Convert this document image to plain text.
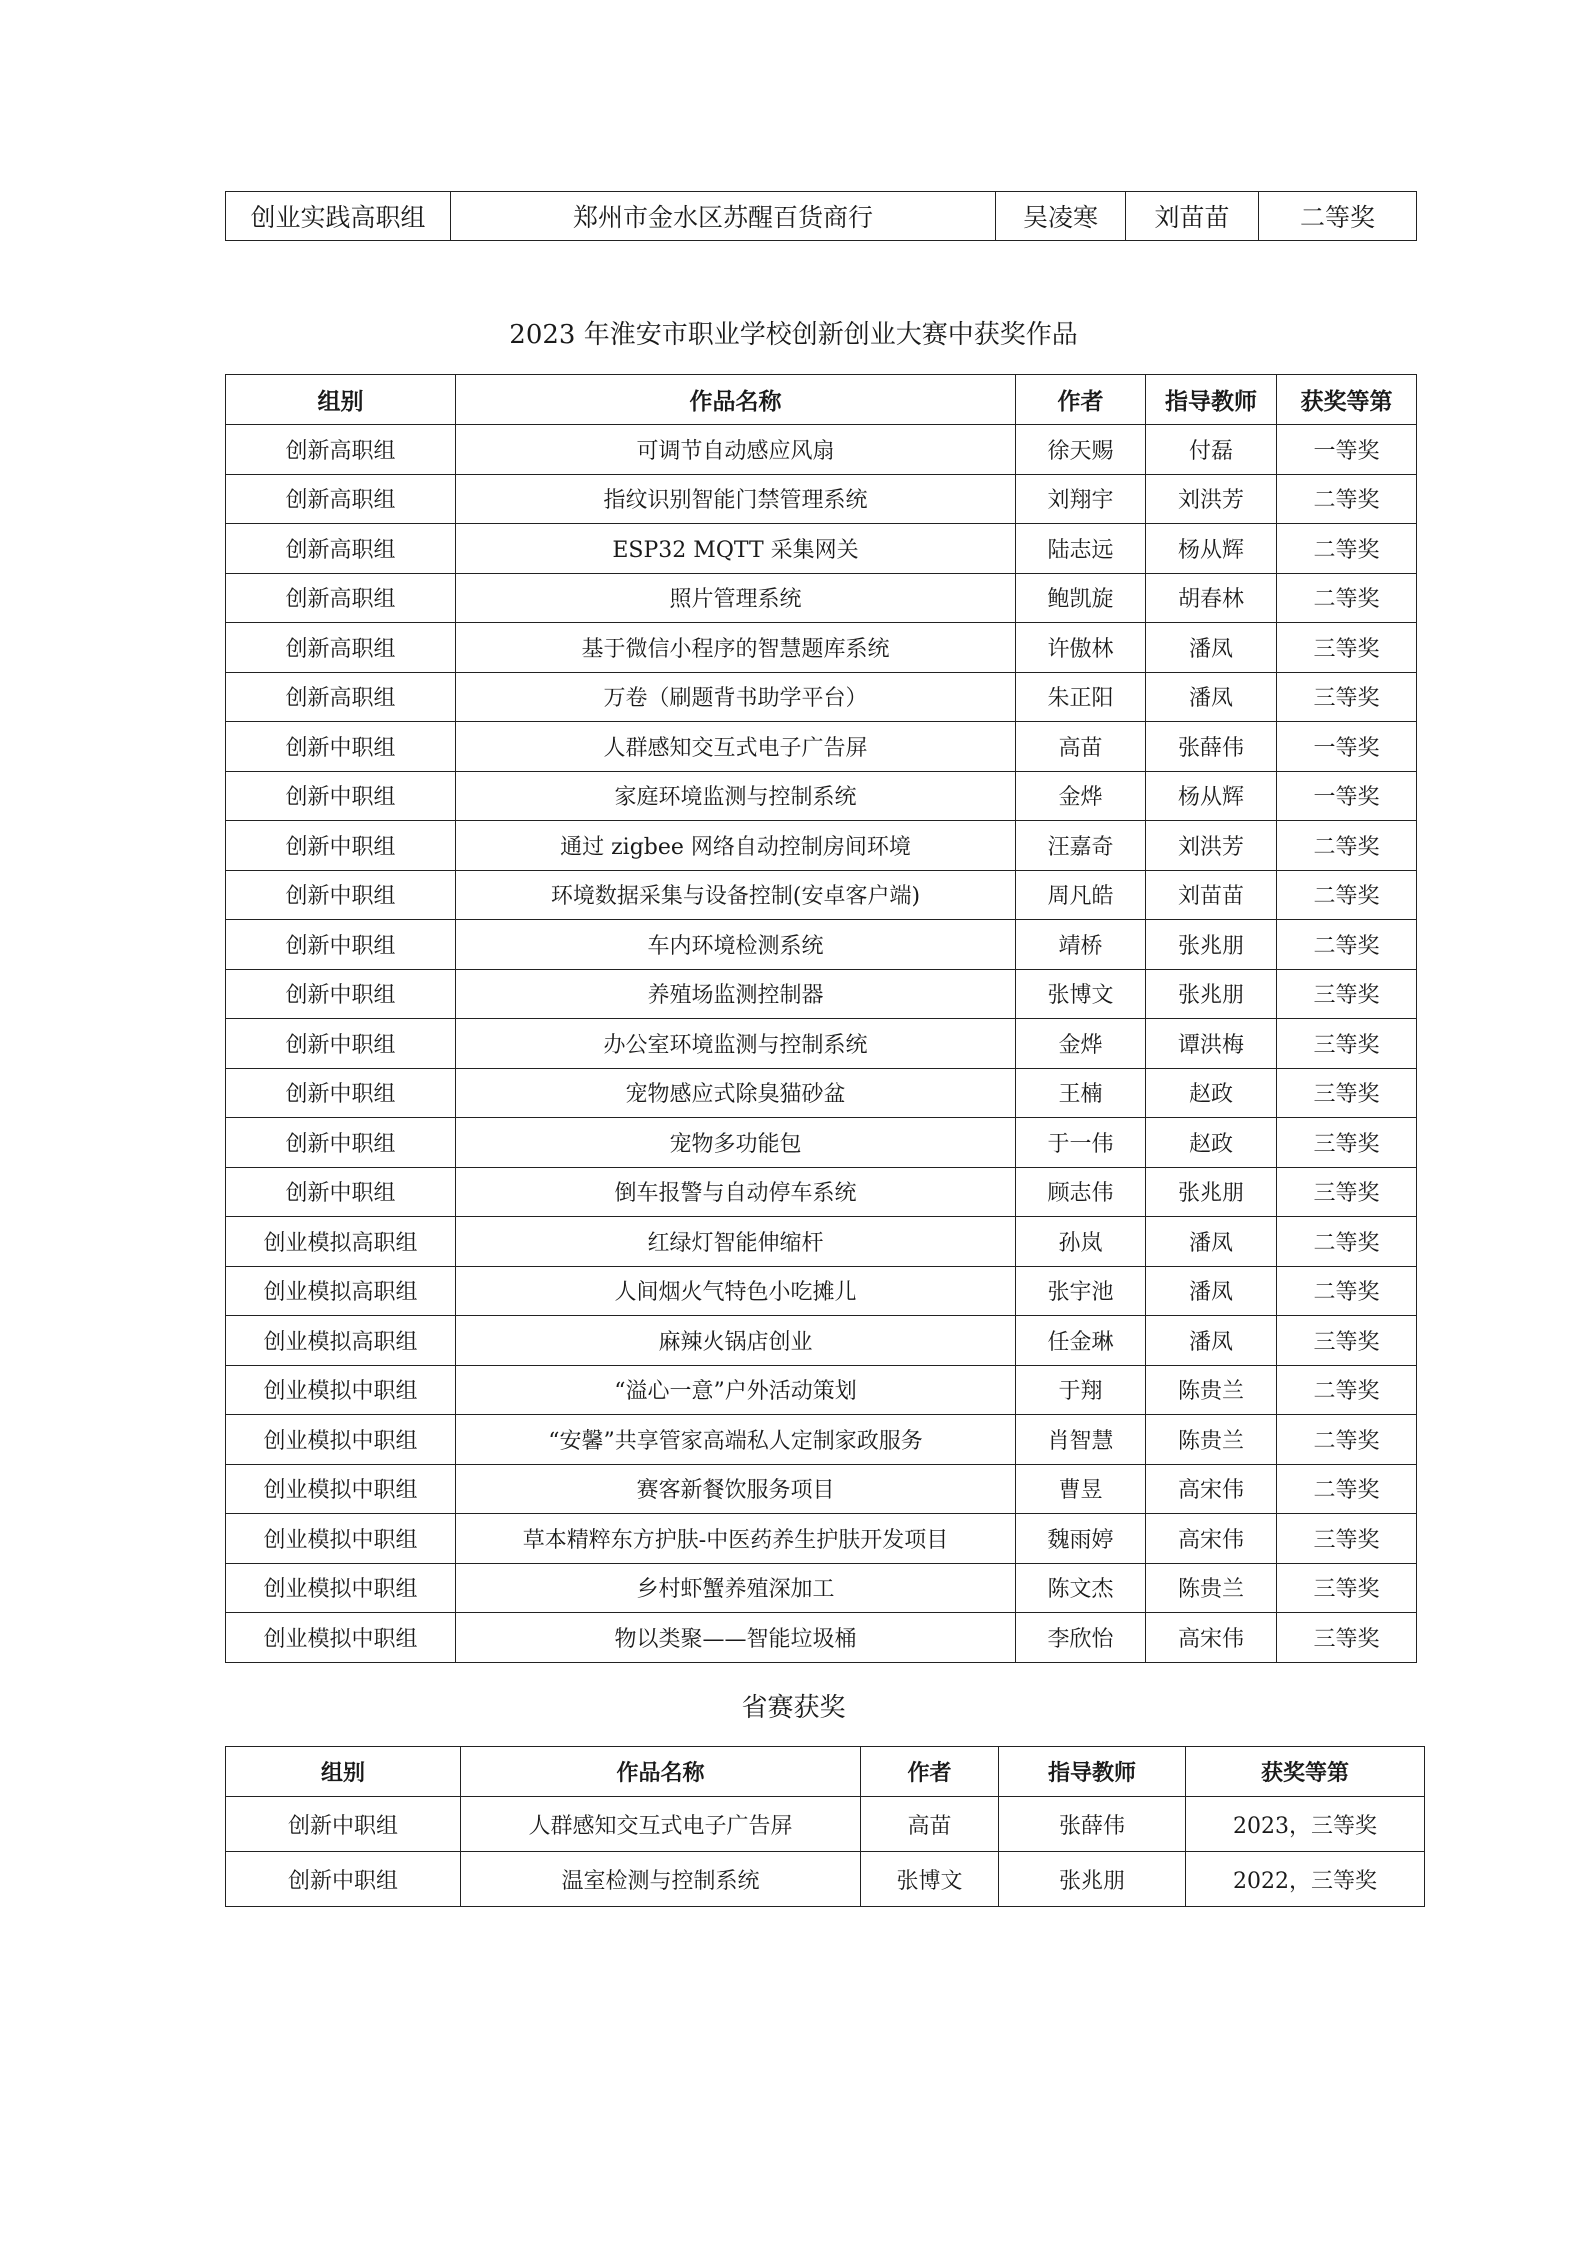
创业实践高职组	郑州市金水区苏醒百货商行	吴凌寒	刘苗苗	二等奖
2023 年淮安市职业学校创新创业大赛中获奖作品
组别	作品名称	作者	指导教师	获奖等第
创新高职组	可调节自动感应风扇	徐天赐	付磊	一等奖
创新高职组	指纹识别智能门禁管理系统	刘翔宇	刘洪芳	二等奖
创新高职组	ESP32 MQTT 采集网关	陆志远	杨从辉	二等奖
创新高职组	照片管理系统	鲍凯旋	胡春林	二等奖
创新高职组	基于微信小程序的智慧题库系统	许傲林	潘凤	三等奖
创新高职组	万卷（刷题背书助学平台）	朱正阳	潘凤	三等奖
创新中职组	人群感知交互式电子广告屏	高苗	张薛伟	一等奖
创新中职组	家庭环境监测与控制系统	金烨	杨从辉	一等奖
创新中职组	通过 zigbee 网络自动控制房间环境	汪嘉奇	刘洪芳	二等奖
创新中职组	环境数据采集与设备控制(安卓客户端)	周凡皓	刘苗苗	二等奖
创新中职组	车内环境检测系统	靖桥	张兆朋	二等奖
创新中职组	养殖场监测控制器	张博文	张兆朋	三等奖
创新中职组	办公室环境监测与控制系统	金烨	谭洪梅	三等奖
创新中职组	宠物感应式除臭猫砂盆	王楠	赵政	三等奖
创新中职组	宠物多功能包	于一伟	赵政	三等奖
创新中职组	倒车报警与自动停车系统	顾志伟	张兆朋	三等奖
创业模拟高职组	红绿灯智能伸缩杆	孙岚	潘凤	二等奖
创业模拟高职组	人间烟火气特色小吃摊儿	张宇池	潘凤	二等奖
创业模拟高职组	麻辣火锅店创业	任金琳	潘凤	三等奖
创业模拟中职组	“溢心一意”户外活动策划	于翔	陈贵兰	二等奖
创业模拟中职组	“安馨”共享管家高端私人定制家政服务	肖智慧	陈贵兰	二等奖
创业模拟中职组	赛客新餐饮服务项目	曹昱	高宋伟	二等奖
创业模拟中职组	草本精粹东方护肤-中医药养生护肤开发项目	魏雨婷	高宋伟	三等奖
创业模拟中职组	乡村虾蟹养殖深加工	陈文杰	陈贵兰	三等奖
创业模拟中职组	物以类聚——智能垃圾桶	李欣怡	高宋伟	三等奖
省赛获奖
组别	作品名称	作者	指导教师	获奖等第
创新中职组	人群感知交互式电子广告屏	高苗	张薛伟	2023，三等奖
创新中职组	温室检测与控制系统	张博文	张兆朋	2022，三等奖
